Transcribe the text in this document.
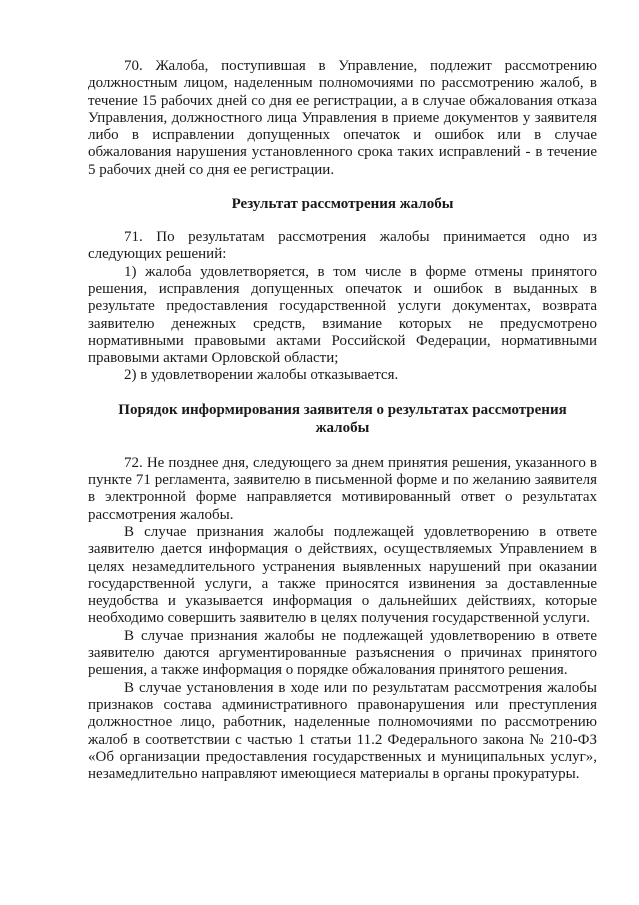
70. Жалоба, поступившая в Управление, подлежит рассмотрению должностным лицом, наделенным полномочиями по рассмотрению жалоб, в течение 15 рабочих дней со дня ее регистрации, а в случае обжалования отказа Управления, должностного лица Управления в приеме документов у заявителя либо в исправлении допущенных опечаток и ошибок или в случае обжалования нарушения установленного срока таких исправлений - в течение 5 рабочих дней со дня ее регистрации.

Результат рассмотрения жалобы

71. По результатам рассмотрения жалобы принимается одно из следующих решений:

1) жалоба удовлетворяется, в том числе в форме отмены принятого решения, исправления допущенных опечаток и ошибок в выданных в результате предоставления государственной услуги документах, возврата заявителю денежных средств, взимание которых не предусмотрено нормативными правовыми актами Российской Федерации, нормативными правовыми актами Орловской области;

2) в удовлетворении жалобы отказывается.

Порядок информирования заявителя о результатах рассмотрения жалобы

72. Не позднее дня, следующего за днем принятия решения, указанного в пункте 71 регламента, заявителю в письменной форме и по желанию заявителя в электронной форме направляется мотивированный ответ о результатах рассмотрения жалобы.

В случае признания жалобы подлежащей удовлетворению в ответе заявителю дается информация о действиях, осуществляемых Управлением в целях незамедлительного устранения выявленных нарушений при оказании государственной услуги, а также приносятся извинения за доставленные неудобства и указывается информация о дальнейших действиях, которые необходимо совершить заявителю в целях получения государственной услуги.

В случае признания жалобы не подлежащей удовлетворению в ответе заявителю даются аргументированные разъяснения о причинах принятого решения, а также информация о порядке обжалования принятого решения.

В случае установления в ходе или по результатам рассмотрения жалобы признаков состава административного правонарушения или преступления должностное лицо, работник, наделенные полномочиями по рассмотрению жалоб в соответствии с частью 1 статьи 11.2 Федерального закона № 210-ФЗ «Об организации предоставления государственных и муниципальных услуг», незамедлительно направляют имеющиеся материалы в органы прокуратуры.
